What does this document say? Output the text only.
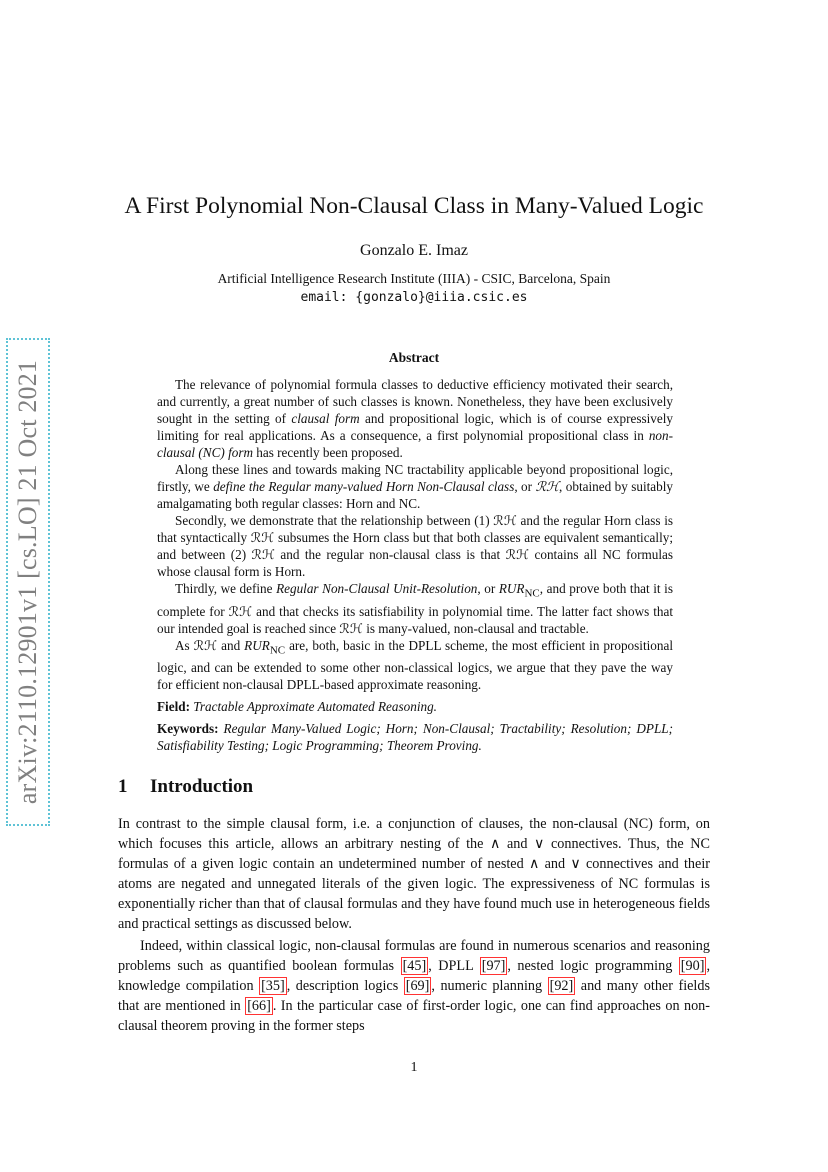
arXiv:2110.12901v1 [cs.LO] 21 Oct 2021
A First Polynomial Non-Clausal Class in Many-Valued Logic
Gonzalo E. Imaz
Artificial Intelligence Research Institute (IIIA) - CSIC, Barcelona, Spain
email: {gonzalo}@iiia.csic.es
Abstract

The relevance of polynomial formula classes to deductive efficiency motivated their search, and currently, a great number of such classes is known. Nonetheless, they have been exclusively sought in the setting of clausal form and propositional logic, which is of course expressively limiting for real applications. As a consequence, a first polynomial propositional class in non-clausal (NC) form has recently been proposed.

Along these lines and towards making NC tractability applicable beyond propositional logic, firstly, we define the Regular many-valued Horn Non-Clausal class, or ℛℋ, obtained by suitably amalgamating both regular classes: Horn and NC.

Secondly, we demonstrate that the relationship between (1) ℛℋ and the regular Horn class is that syntactically ℛℋ subsumes the Horn class but that both classes are equivalent semantically; and between (2) ℛℋ and the regular non-clausal class is that ℛℋ contains all NC formulas whose clausal form is Horn.

Thirdly, we define Regular Non-Clausal Unit-Resolution, or $RUR_{NC}$, and prove both that it is complete for ℛℋ and that checks its satisfiability in polynomial time. The latter fact shows that our intended goal is reached since ℛℋ is many-valued, non-clausal and tractable.

As ℛℋ and $RUR_{NC}$ are, both, basic in the DPLL scheme, the most efficient in propositional logic, and can be extended to some other non-classical logics, we argue that they pave the way for efficient non-clausal DPLL-based approximate reasoning.

Field: Tractable Approximate Automated Reasoning.

Keywords: Regular Many-Valued Logic; Horn; Non-Clausal; Tractability; Resolution; DPLL; Satisfiability Testing; Logic Programming; Theorem Proving.

1 Introduction

In contrast to the simple clausal form, i.e. a conjunction of clauses, the non-clausal (NC) form, on which focuses this article, allows an arbitrary nesting of the ∧ and ∨ connectives. Thus, the NC formulas of a given logic contain an undetermined number of nested ∧ and ∨ connectives and their atoms are negated and unnegated literals of the given logic. The expressiveness of NC formulas is exponentially richer than that of clausal formulas and they have found much use in heterogeneous fields and practical settings as discussed below.

Indeed, within classical logic, non-clausal formulas are found in numerous scenarios and reasoning problems such as quantified boolean formulas [45] , DPLL [97] , nested logic programming [90] , knowledge compilation [35] , description logics [69] , numeric planning [92] and many other fields that are mentioned in [66] . In the particular case of first-order logic, one can find approaches on non-clausal theorem proving in the former steps

1
